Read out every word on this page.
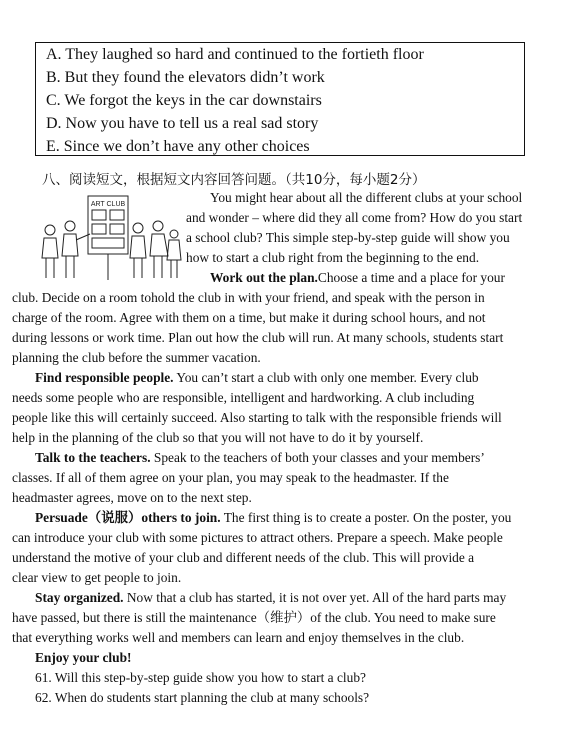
A. They laughed so hard and continued to the fortieth floor
B. But they found the elevators didn’t work
C. We forgot the keys in the car downstairs
D. Now you have to tell us a real sad story
E. Since we don’t have any other choices
八、阅读短文，根据短文内容回答问题。（共10分，每小题2分）
ART CLUB	You might hear about all the different clubs at your school
and wonder – where did they all come from? How do you start
a school club? This simple step-by-step guide will show you
how to start a club right from the beginning to the end.
Work out the plan.Choose a time and a place for your
club. Decide on a room tohold the club in with your friend, and speak with the person in
charge of the room. Agree with them on a time, but make it during school hours, and not
during lessons or work time. Plan out how the club will run. At many schools, students start
planning the club before the summer vacation.
Find responsible people. You can’t start a club with only one member. Every club
needs some people who are responsible, intelligent and hardworking. A club including
people like this will certainly succeed. Also starting to talk with the responsible friends will
help in the planning of the club so that you will not have to do it by yourself.
Talk to the teachers. Speak to the teachers of both your classes and your members’
classes. If all of them agree on your plan, you may speak to the headmaster. If the
headmaster agrees, move on to the next step.
Persuade（说服）others to join. The first thing is to create a poster. On the poster, you
can introduce your club with some pictures to attract others. Prepare a speech. Make people
understand the motive of your club and different needs of the club. This will provide a
clear view to get people to join.
Stay organized. Now that a club has started, it is not over yet. All of the hard parts may
have passed, but there is still the maintenance（维护）of the club. You need to make sure
that everything works well and members can learn and enjoy themselves in the club.
Enjoy your club!
61. Will this step-by-step guide show you how to start a club?
62. When do students start planning the club at many schools?
